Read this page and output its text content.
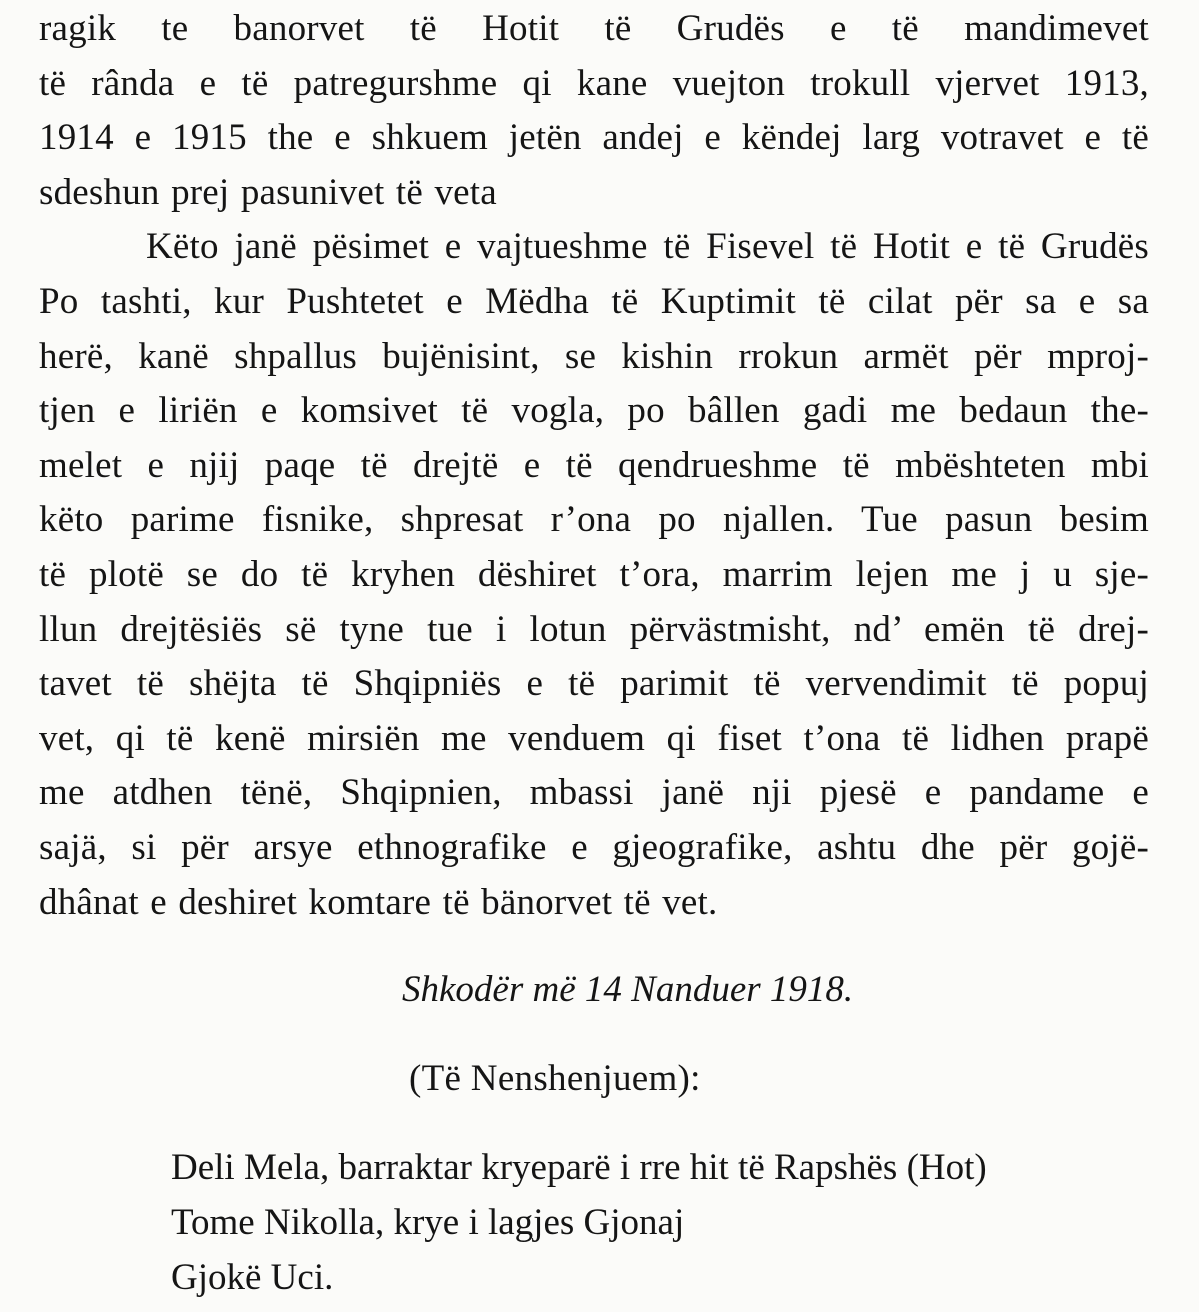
ragik te banorvet të Hotit të Grudës e të mandimevet
të rânda e të patregurshme qi kane vuejton trokull vjervet 1913,
1914 e 1915 the e shkuem jetën andej e këndej larg votravet e të
sdeshun prej pasunivet të veta

Këto janë pësimet e vajtueshme të Fisevel të Hotit e të Grudës
Po tashti, kur Pushtetet e Mëdha të Kuptimit të cilat për sa e sa
herë, kanë shpallus bujënisint, se kishin rrokun armët për mproj-
tjen e liriën e komsivet të vogla, po bâllen gadi me bedaun the-
melet e njij paqe të drejtë e të qendrueshme të mbështeten mbi
këto parime fisnike, shpresat r’ona po njallen. Tue pasun besim
të plotë se do të kryhen dëshiret t’ora, marrim lejen me j u sje-
llun drejtësiës së tyne tue i lotun përvästmisht, nd’ emën të drej-
tavet të shëjta të Shqipniës e të parimit të vervendimit të popuj
vet, qi të kenë mirsiën me venduem qi fiset t’ona të lidhen prapë
me atdhen tënë, Shqipnien, mbassi janë nji pjesë e pandame e
sajä, si për arsye ethnografike e gjeografike, ashtu dhe për gojë-
dhânat e deshiret komtare të bänorvet të vet.

Shkodër më 14 Nanduer 1918.

(Të Nenshenjuem):

Deli Mela, barraktar kryeparë i rre hit të Rapshës (Hot)
Tome Nikolla, krye i lagjes Gjonaj
Gjokë Uci.
